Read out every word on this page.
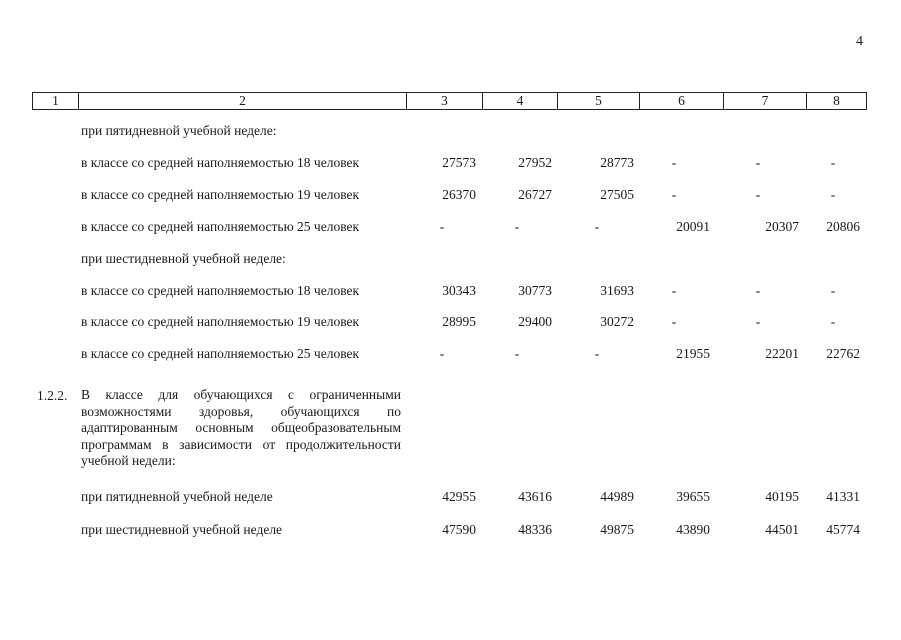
4
1	2	3	4	5	6	7	8
при пятидневной учебной неделе:
в классе со средней наполняемостью 18 человек	27573	27952	28773	-	-	-
в классе со средней наполняемостью 19 человек	26370	26727	27505	-	-	-
в классе со средней наполняемостью 25 человек	-	-	-	20091	20307	20806
при шестидневной учебной неделе:
в классе со средней наполняемостью 18 человек	30343	30773	31693	-	-	-
в классе со средней наполняемостью 19 человек	28995	29400	30272	-	-	-
в классе со средней наполняемостью 25 человек	-	-	-	21955	22201	22762
1.2.2. В классе для обучающихся с ограниченными возможностями здоровья, обучающихся по адаптированным основным общеобразовательным программам в зависимости от продолжительности учебной недели:
при пятидневной учебной неделе	42955	43616	44989	39655	40195	41331
при шестидневной учебной неделе	47590	48336	49875	43890	44501	45774
